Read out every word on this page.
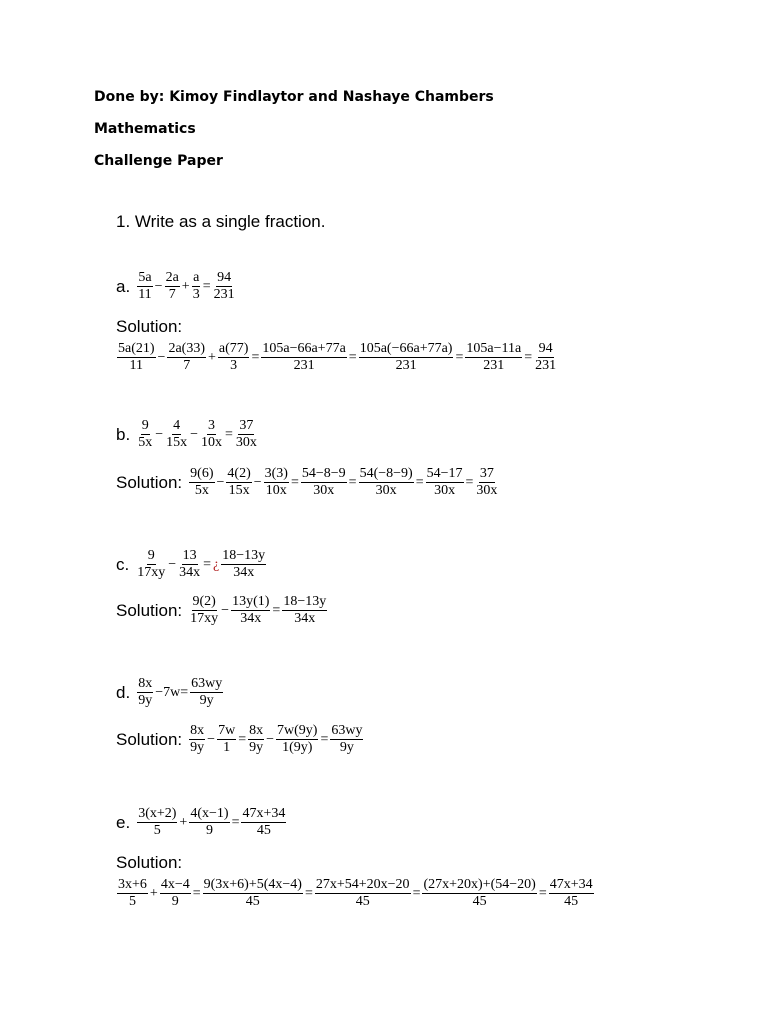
Done by: Kimoy Findlaytor and Nashaye Chambers
Mathematics
Challenge Paper
1. Write as a single fraction.
a. $\frac{5a}{11} - \frac{2a}{7} + \frac{a}{3} = \frac{94}{231}$
Solution:
$\frac{5a(21)}{11} - \frac{2a(33)}{7} + \frac{a(77)}{3} = \frac{105a-66a+77a}{231} = \frac{105a(-66a+77a)}{231} = \frac{105a-11a}{231} = \frac{94}{231}$
b. $\frac{9}{5x} - \frac{4}{15x} - \frac{3}{10x} = \frac{37}{30x}$
Solution: $\frac{9(6)}{5x} - \frac{4(2)}{15x} - \frac{3(3)}{10x} = \frac{54-8-9}{30x} = \frac{54(-8-9)}{30x} = \frac{54-17}{30x} = \frac{37}{30x}$
c. $\frac{9}{17xy} - \frac{13}{34x}$ = ¿ $\frac{18-13y}{34x}$
Solution: $\frac{9(2)}{17xy} - \frac{13y(1)}{34x} = \frac{18-13y}{34x}$
d. $\frac{8x}{9y} -7w= \frac{63wy}{9y}$
Solution: $\frac{8x}{9y} - \frac{7w}{1} = \frac{8x}{9y} - \frac{7w(9y)}{1(9y)} = \frac{63wy}{9y}$
e. $\frac{3(x+2)}{5} + \frac{4(x-1)}{9} = \frac{47x+34}{45}$
Solution:
$\frac{3x+6}{5} + \frac{4x-4}{9} = \frac{9(3x+6)+5(4x-4)}{45} = \frac{27x+54+20x-20}{45} = \frac{(27x+20x)+(54-20)}{45} = \frac{47x+34}{45}$
